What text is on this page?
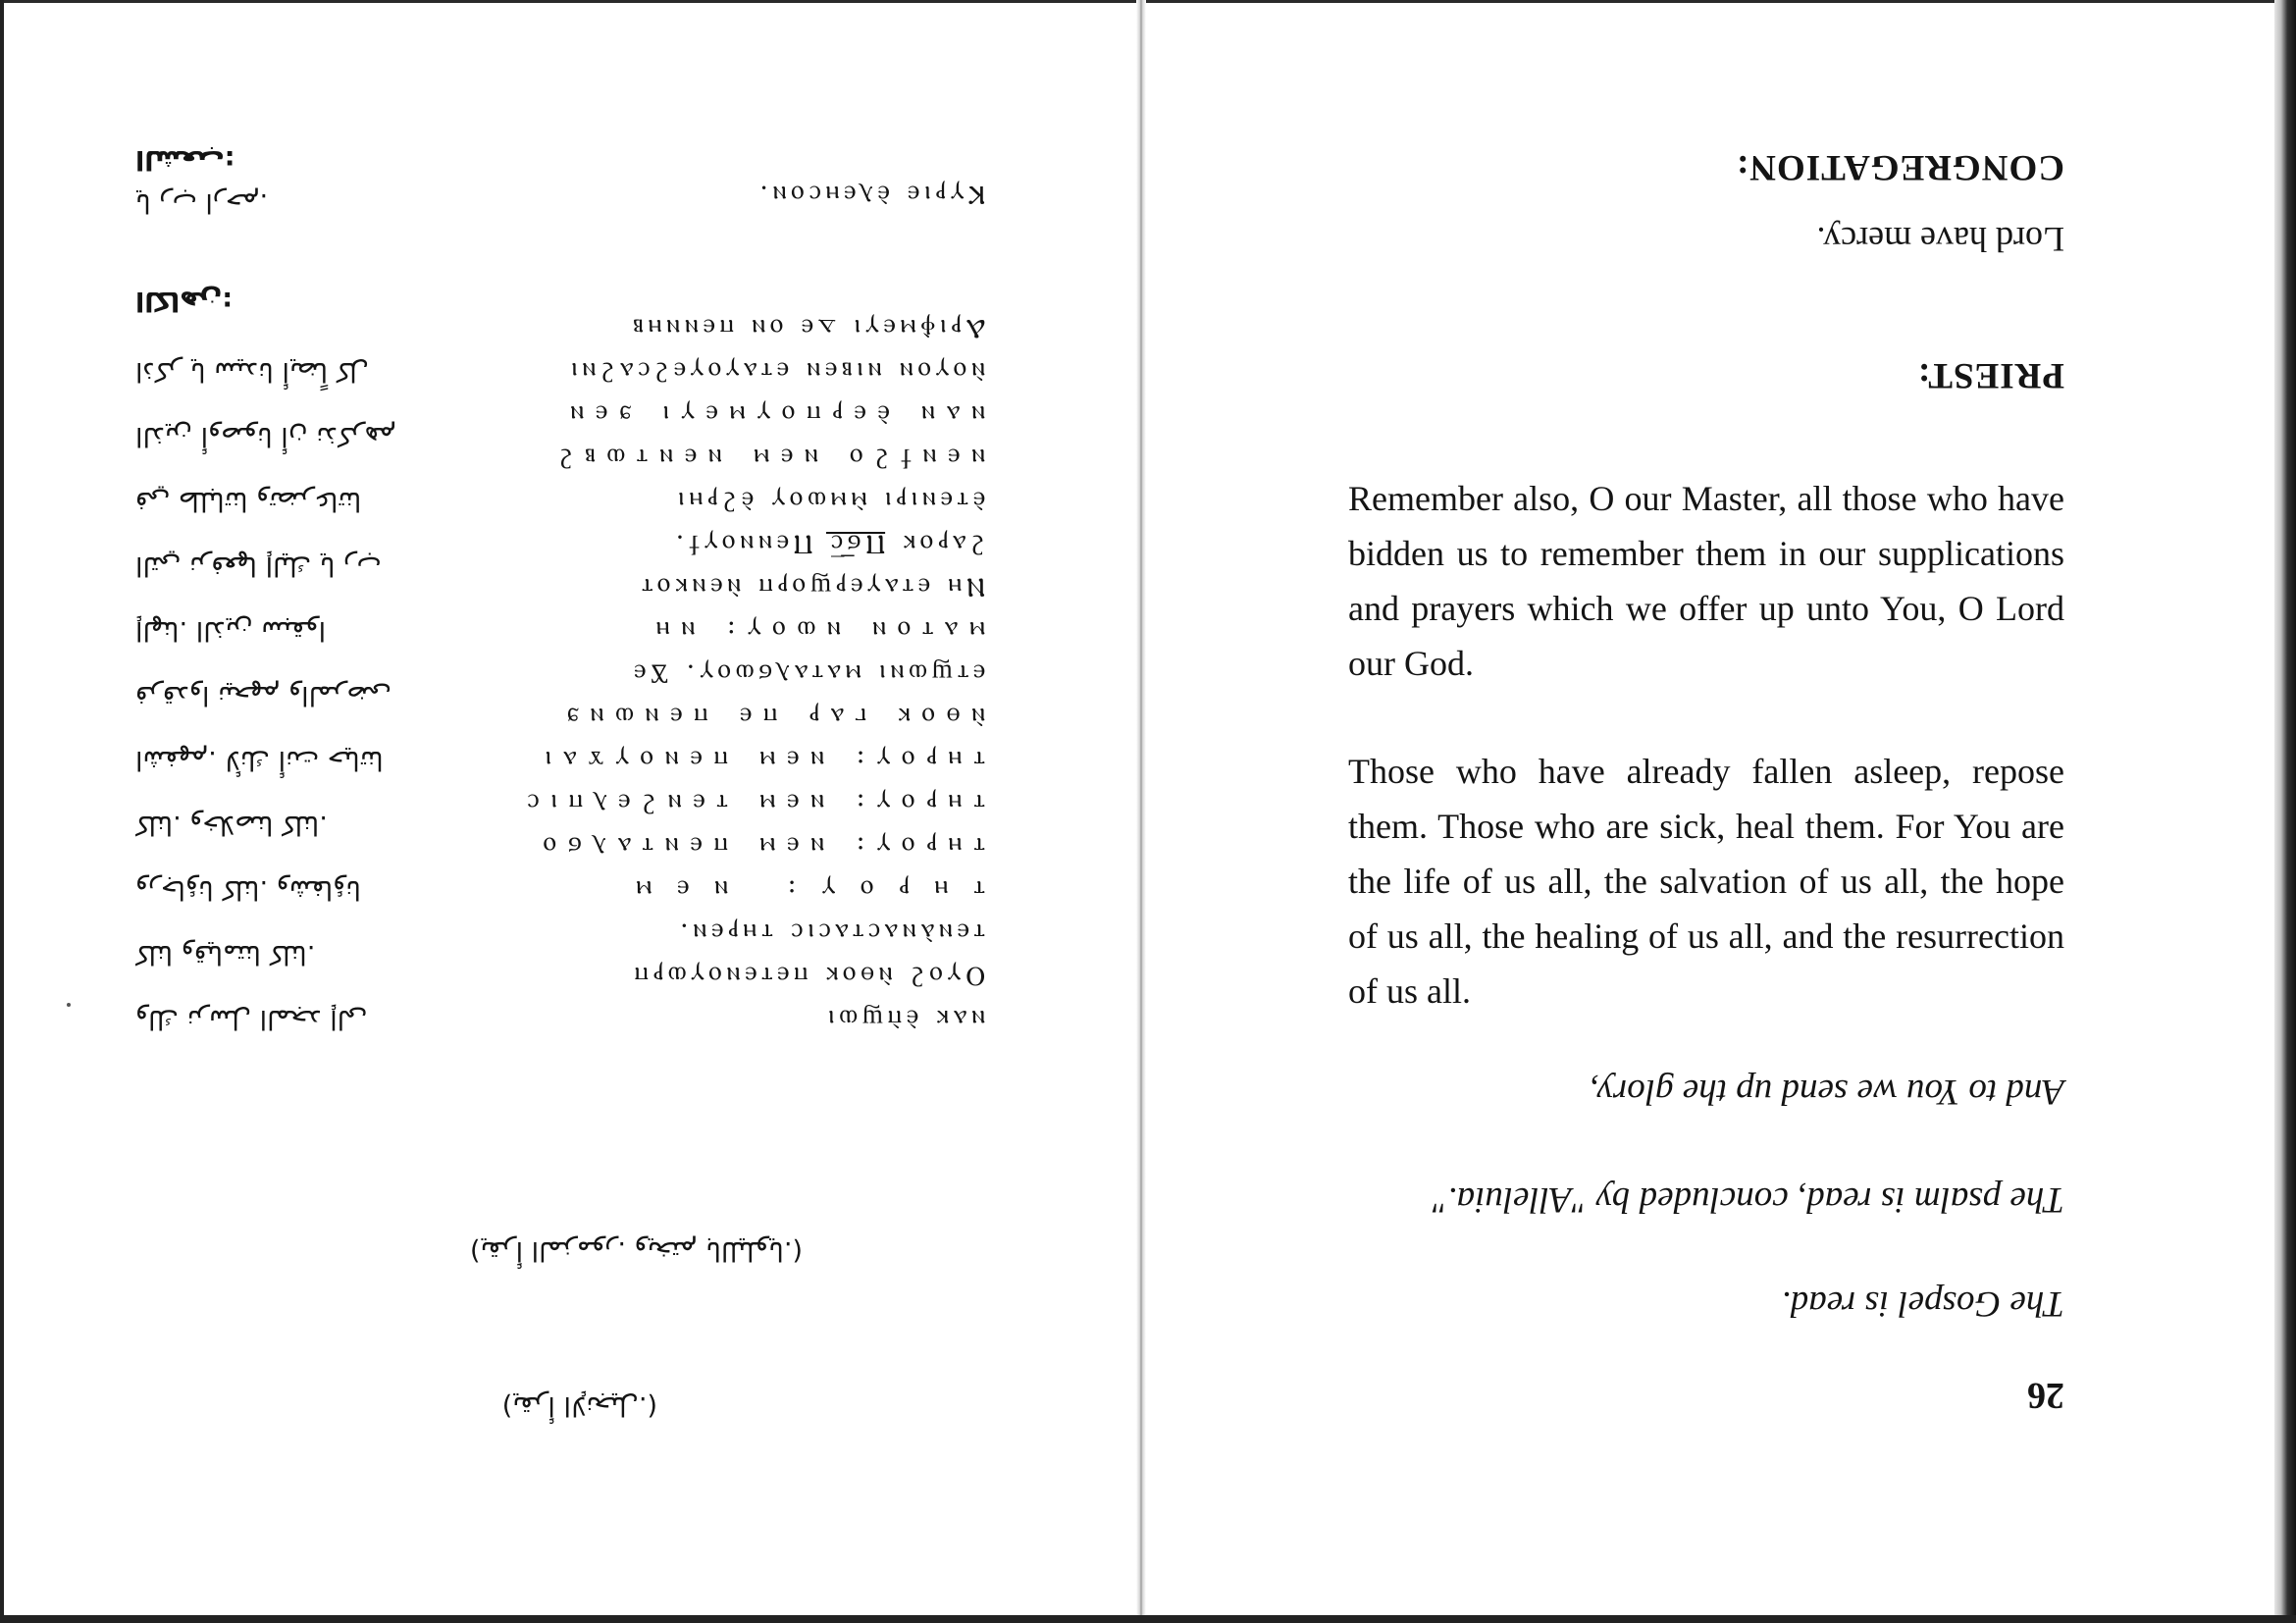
(يقرأ الإنجيل.)
(يقرأ المزمور. ويختم بالليلويا.)
Ⲕⲩⲣⲓⲉ ⲉ̀ⲗⲉⲏⲥⲟⲛ.
Ⲁⲣⲓⲫ̀ⲙⲉⲩⲓ ⲇⲉ ⲟⲛ ⲡⲉⲛⲛⲏⲃ
ⲛ̀ⲟⲩⲟⲛ ⲛⲓⲃⲉⲛ ⲉⲧⲁⲩⲟⲩⲉϩⲥⲁϩⲛⲓ
ⲛⲁⲛ ⲉ̀ⲉⲣⲡⲟⲩⲙⲉⲩⲓ ϧⲉⲛ
ⲛⲉⲛϯϩⲟ ⲛⲉⲙ ⲛⲉⲛⲧⲱⲃϩ
ⲉ̀ⲧⲉⲛⲓⲣⲓ ⲙ̀ⲙⲱⲟⲩ ⲉ̀ϩⲣⲏⲓ
ϩⲁⲣⲟⲕ Ⲡϭ̅ⲥ̅ Ⲡⲉⲛⲛⲟⲩϯ.
Ⲛⲏ ⲉⲧⲁⲩⲉⲣϣⲟⲣⲡ ⲛ̀ⲉⲛⲕⲟⲧ
ⲙⲁⲧⲟⲛ ⲛⲱⲟⲩ: ⲛⲏ
ⲉⲧϣⲱⲛⲓ ⲙⲁⲧⲁⲗϭⲱⲟⲩ. Ϫⲉ
ⲛ̀ⲑⲟⲕ ⲅⲁⲣ ⲡⲉ ⲡⲉⲛⲱⲛϧ
ⲧⲏⲣⲟⲩ: ⲛⲉⲙ ⲡⲉⲛⲟⲩϫⲁⲓ
ⲧⲏⲣⲟⲩ: ⲛⲉⲙ ⲧⲉⲛϩⲉⲗⲡⲓⲥ
ⲧⲏⲣⲟⲩ: ⲛⲉⲙ ⲡⲉⲛⲧⲁⲗϭⲟ
ⲧⲏⲣⲟⲩ: ⲛⲉⲙ
ⲧⲉⲛⲁ̀ⲛⲁⲥⲧⲁⲥⲓⲥ ⲧⲏⲣⲉⲛ.
Ⲟⲩⲟϩ ⲛ̀ⲑⲟⲕ ⲡⲉⲧⲉⲛⲟⲩⲱⲣⲡ
ⲛⲁⲕ ⲉ̀ⲡ̀ϣⲱⲓ
الشعب:
يا رب ارحم.
الكاهن:
اذكر يا سيدنا أيضاً كل
الذين أوصونا أن نذكرهم
في طلباتنا وتضرعاتنا
التي نرفعها إليك يا رب
إلهنا. الذين سبقوا
فرقدوا نيحهم والمرضى
اشفهم. لأنك أنت حياتنا
كلنا. وخلاصنا كلنا.
ورجاؤنا كلنا. وشفاؤنا
كلنا وقيامتنا كلنا.
ولك نرسل المجد إلى
CONGREGATION:
Lord have mercy.
PRIEST:

Remember also, O our Master, all those who have bidden us to remember them in our supplications and prayers which we offer up unto You, O Lord our God.

Those who have already fallen asleep, repose them. Those who are sick, heal them. For You are the life of us all, the salvation of us all, the hope of us all, the healing of us all, and the resurrection of us all.

And to You we send up the glory,
The psalm is read, concluded by "Alleluia."
The Gospel is read.
26
